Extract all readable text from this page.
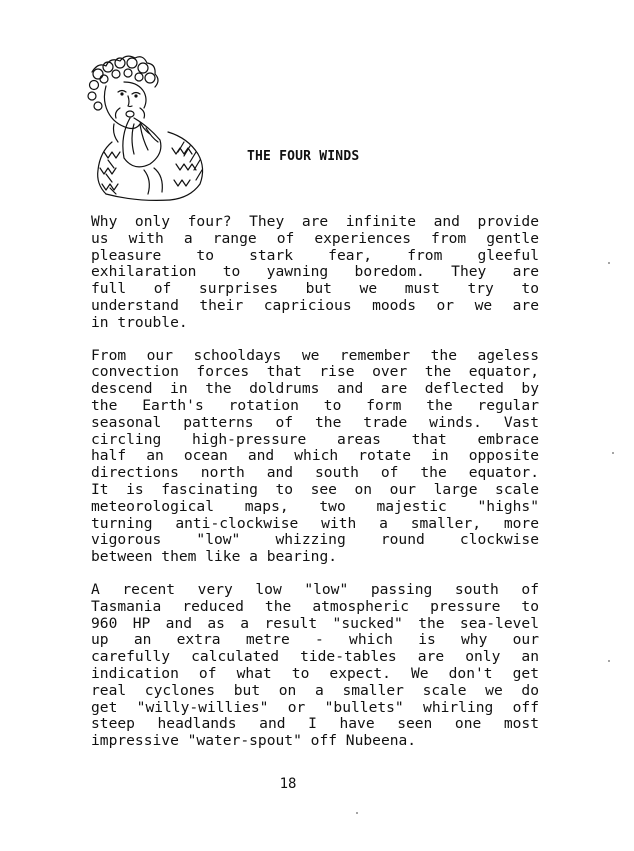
THE FOUR WINDS
Why only four? They are infinite and provide
us with a range of experiences from gentle
pleasure to stark fear, from gleeful
exhilaration to yawning boredom. They are
full of surprises but we must try to
understand their capricious moods or we are
in trouble.
From our schooldays we remember the ageless
convection forces that rise over the equator,
descend in the doldrums and are deflected by
the Earth's rotation to form the regular
seasonal patterns of the trade winds. Vast
circling high-pressure areas that embrace
half an ocean and which rotate in opposite
directions north and south of the equator.
It is fascinating to see on our large scale
meteorological maps, two majestic "highs"
turning anti-clockwise with a smaller, more
vigorous "low" whizzing round clockwise
between them like a bearing.
A recent very low "low" passing south of
Tasmania reduced the atmospheric pressure to
960 HP and as a result "sucked" the sea-level
up an extra metre - which is why our
carefully calculated tide-tables are only an
indication of what to expect. We don't get
real cyclones but on a smaller scale we do
get "willy-willies" or "bullets" whirling off
steep headlands and I have seen one most
impressive "water-spout" off Nubeena.
18
